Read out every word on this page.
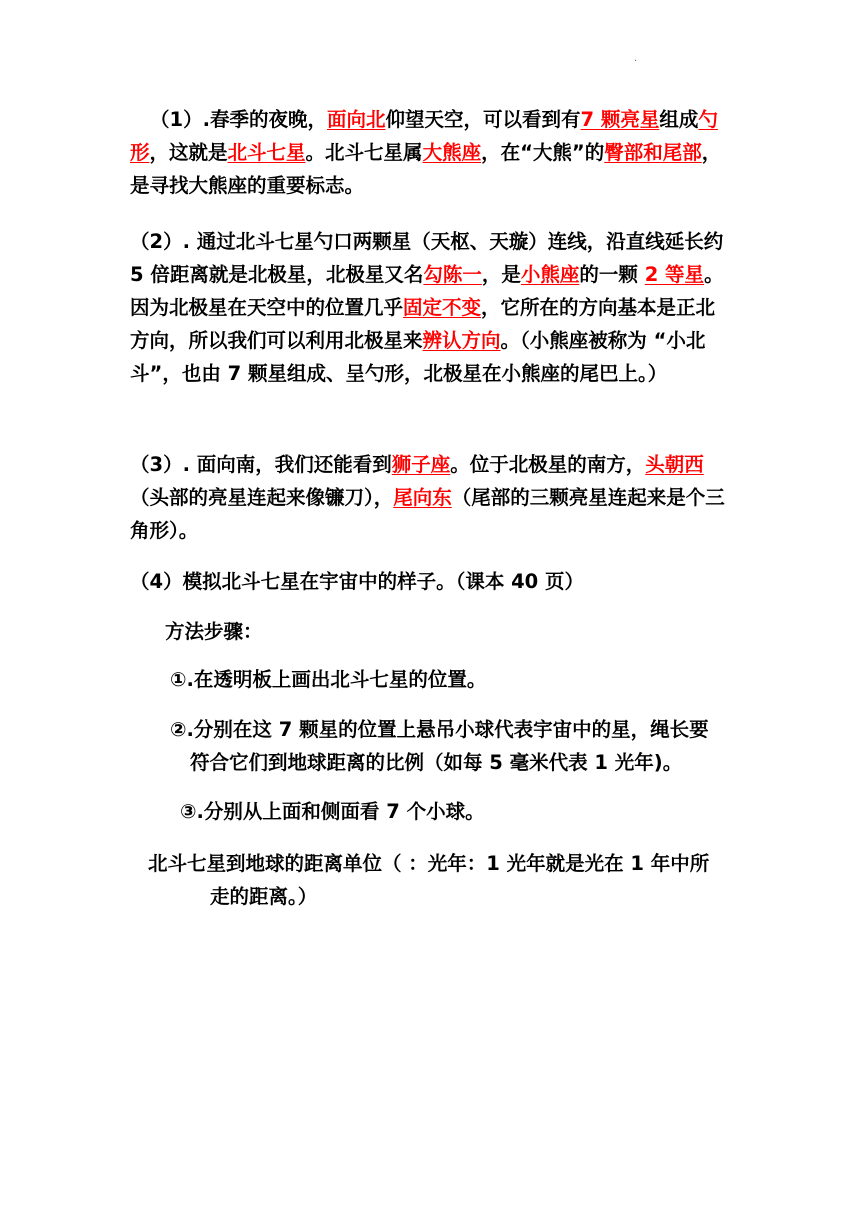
·

（1）.春季的夜晚，面向北仰望天空，可以看到有7 颗亮星组成勺形，这就是北斗七星。北斗七星属大熊座，在“大熊”的臀部和尾部，是寻找大熊座的重要标志。

（2）. 通过北斗七星勺口两颗星（天枢、天璇）连线，沿直线延长约 5 倍距离就是北极星，北极星又名勾陈一，是小熊座的一颗 2 等星。因为北极星在天空中的位置几乎固定不变，它所在的方向基本是正北方向，所以我们可以利用北极星来辨认方向。（小熊座被称为 “小北斗”，也由 7 颗星组成、呈勺形，北极星在小熊座的尾巴上。）

（3）. 面向南，我们还能看到狮子座。位于北极星的南方，头朝西（头部的亮星连起来像镰刀），尾向东（尾部的三颗亮星连起来是个三角形）。

（4）模拟北斗七星在宇宙中的样子。（课本 40 页）

方法步骤：

①.在透明板上画出北斗七星的位置。

②.分别在这 7 颗星的位置上悬吊小球代表宇宙中的星，绳长要
符合它们到地球距离的比例（如每 5 毫米代表 1 光年)。

③.分别从上面和侧面看 7 个小球。

北斗七星到地球的距离单位（ ：光年：1 光年就是光在 1 年中所
走的距离。）
